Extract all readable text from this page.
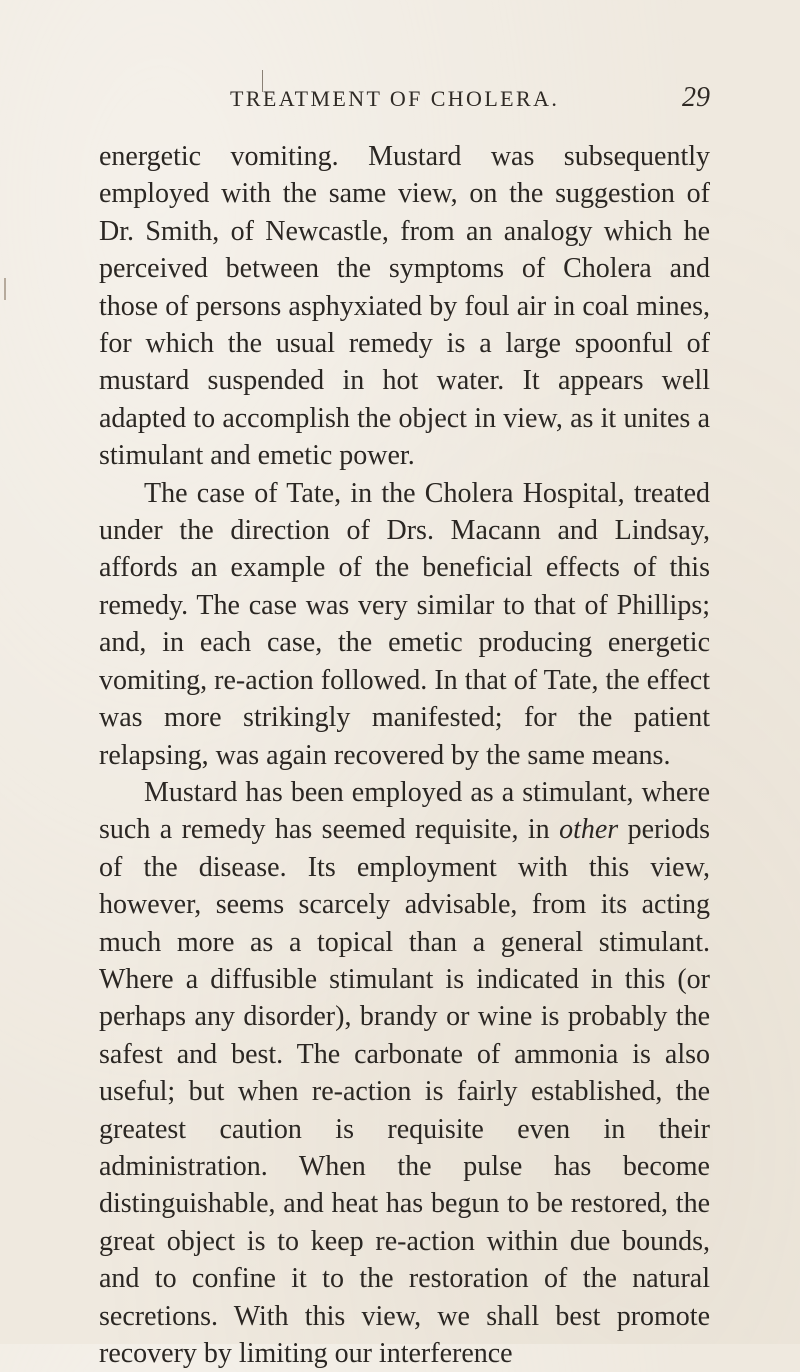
TREATMENT OF CHOLERA.	29

energetic vomiting. Mustard was subsequently employed with the same view, on the suggestion of Dr. Smith, of Newcastle, from an analogy which he perceived between the symptoms of Cholera and those of persons asphyxiated by foul air in coal mines, for which the usual remedy is a large spoonful of mustard suspended in hot water. It appears well adapted to accomplish the object in view, as it unites a stimulant and emetic power.

The case of Tate, in the Cholera Hospital, treated under the direction of Drs. Macann and Lindsay, affords an example of the beneficial effects of this remedy. The case was very similar to that of Phillips; and, in each case, the emetic producing energetic vomiting, re-action followed. In that of Tate, the effect was more strikingly manifested; for the patient relapsing, was again recovered by the same means.

Mustard has been employed as a stimulant, where such a remedy has seemed requisite, in other periods of the disease. Its employment with this view, however, seems scarcely advisable, from its acting much more as a topical than a general stimulant. Where a diffusible stimulant is indicated in this (or perhaps any disorder), brandy or wine is probably the safest and best. The carbonate of ammonia is also useful; but when re-action is fairly established, the greatest caution is requisite even in their administration. When the pulse has become distinguishable, and heat has begun to be restored, the great object is to keep re-action within due bounds, and to confine it to the restoration of the natural secretions. With this view, we shall best promote recovery by limiting our interference
